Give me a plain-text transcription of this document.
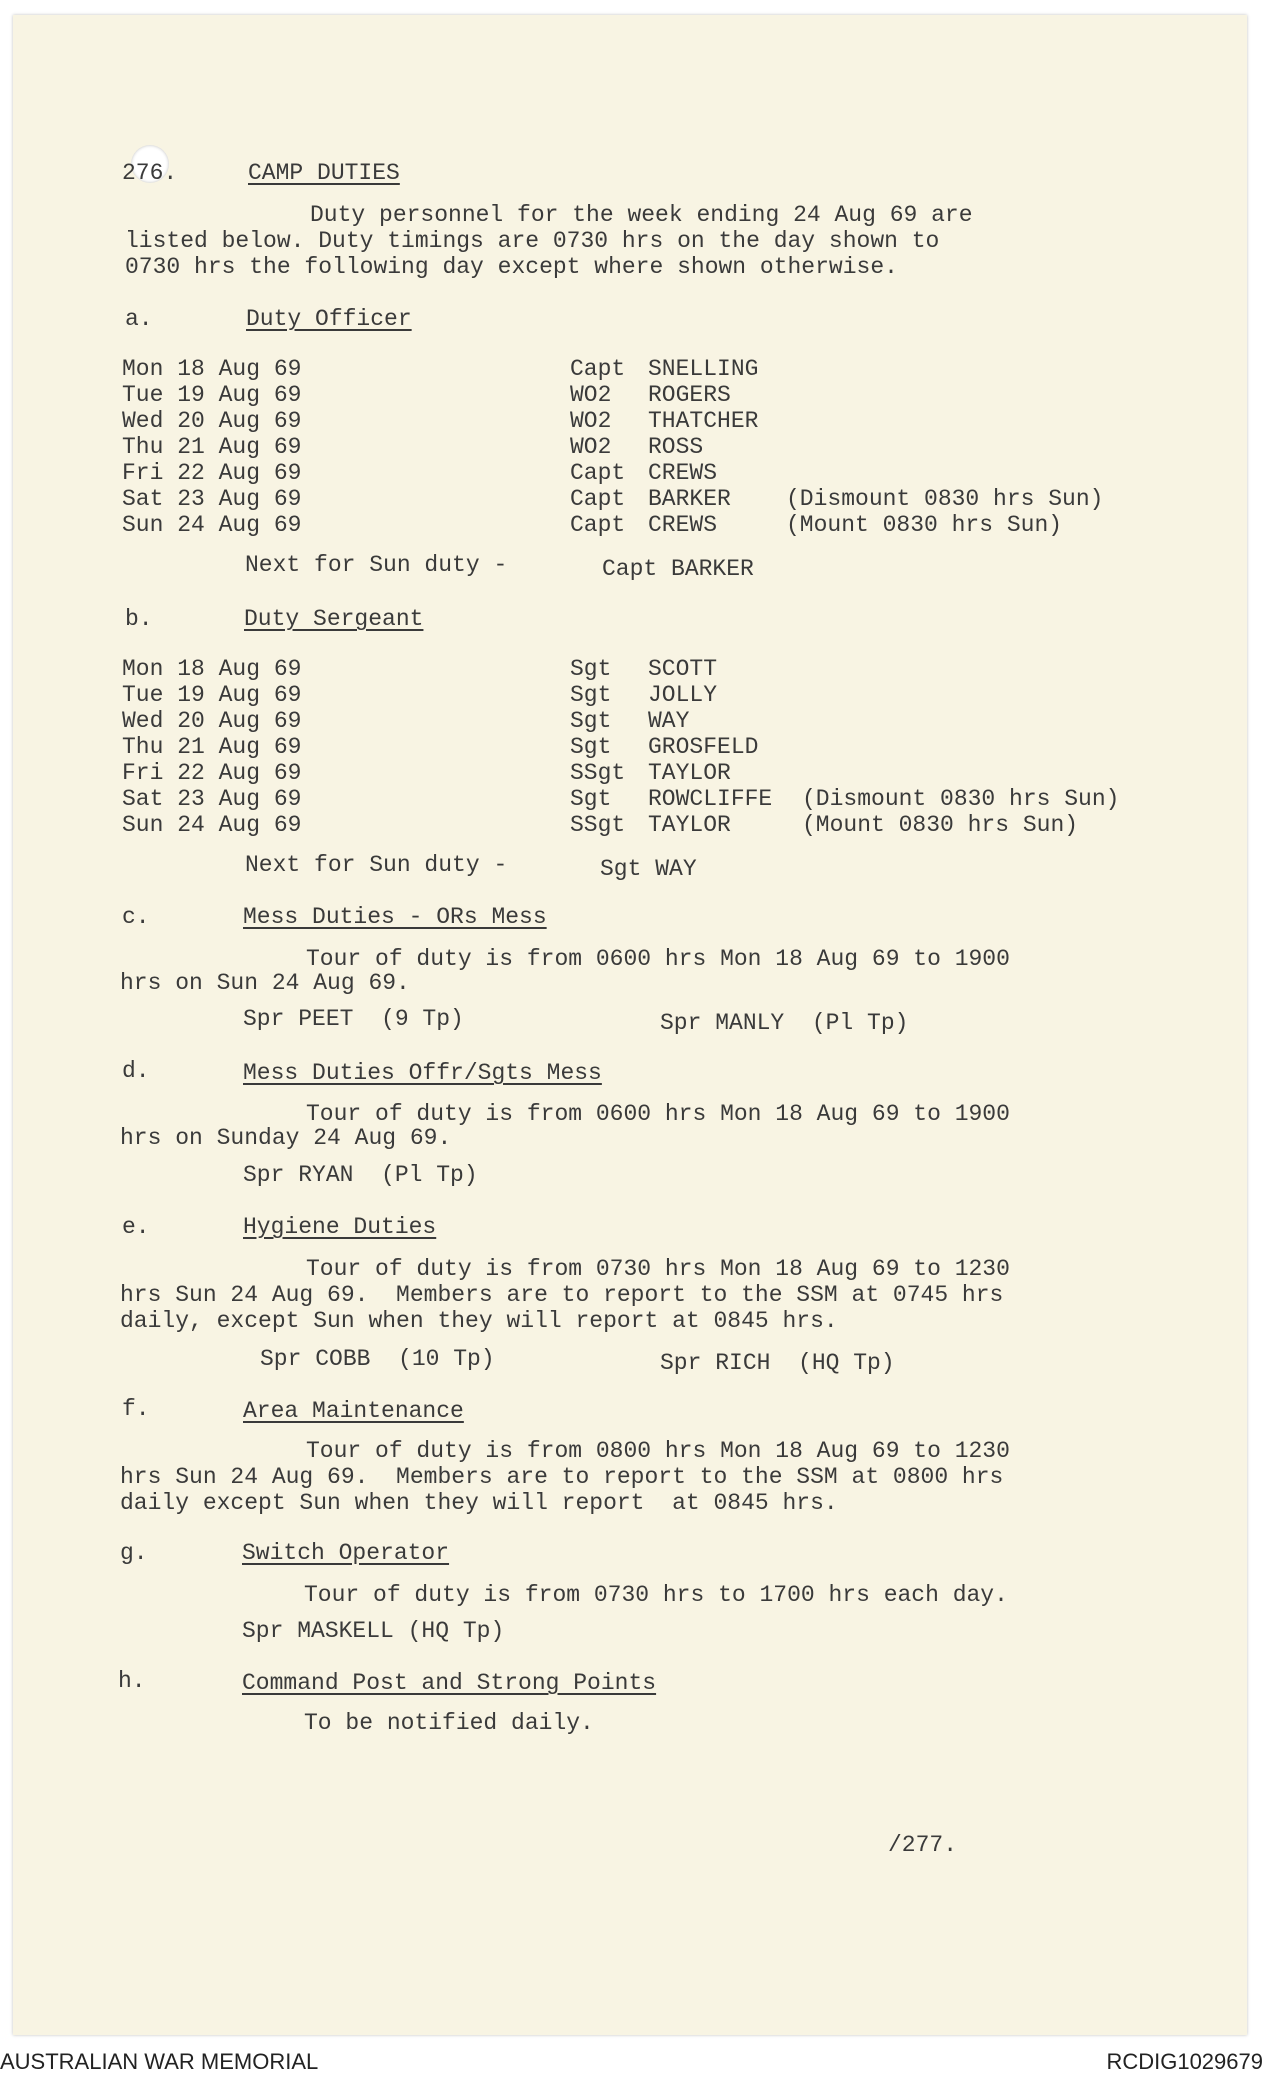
276.	CAMP DUTIES
Duty personnel for the week ending 24 Aug 69 are
listed below. Duty timings are 0730 hrs on the day shown to
0730 hrs the following day except where shown otherwise.
a.	Duty Officer
Mon 18 Aug 69	Capt SNELLING
Tue 19 Aug 69	WO2 ROGERS
Wed 20 Aug 69	WO2 THATCHER
Thu 21 Aug 69	WO2 ROSS
Fri 22 Aug 69	Capt CREWS
Sat 23 Aug 69	Capt BARKER (Dismount 0830 hrs Sun)
Sun 24 Aug 69	Capt CREWS	(Mount 0830 hrs Sun)
Next for Sun duty -	Capt BARKER
b.	Duty Sergeant
Mon 18 Aug 69	Sgt SCOTT
Tue 19 Aug 69	Sgt JOLLY
Wed 20 Aug 69	Sgt WAY
Thu 21 Aug 69	Sgt GROSFELD
Fri 22 Aug 69	SSgt TAYLOR
Sat 23 Aug 69	Sgt ROWCLIFFE (Dismount 0830 hrs Sun)
Sun 24 Aug 69	SSgt TAYLOR	(Mount 0830 hrs Sun)
Next for Sun duty -	Sgt WAY
c.	Mess Duties - ORs Mess
Tour of duty is from 0600 hrs Mon 18 Aug 69 to 1900
hrs on Sun 24 Aug 69.
Spr PEET  (9 Tp)	Spr MANLY  (Pl Tp)
d.	Mess Duties Offr/Sgts Mess
Tour of duty is from 0600 hrs Mon 18 Aug 69 to 1900
hrs on Sunday 24 Aug 69.
Spr RYAN  (Pl Tp)
e.	Hygiene Duties
Tour of duty is from 0730 hrs Mon 18 Aug 69 to 1230
hrs Sun 24 Aug 69.  Members are to report to the SSM at 0745 hrs
daily, except Sun when they will report at 0845 hrs.
Spr COBB  (10 Tp)	Spr RICH  (HQ Tp)
f.	Area Maintenance
Tour of duty is from 0800 hrs Mon 18 Aug 69 to 1230
hrs Sun 24 Aug 69.  Members are to report to the SSM at 0800 hrs
daily except Sun when they will report  at 0845 hrs.
g.	Switch Operator
Tour of duty is from 0730 hrs to 1700 hrs each day.
Spr MASKELL (HQ Tp)
h.	Command Post and Strong Points
To be notified daily.
/277.
AUSTRALIAN WAR MEMORIAL	RCDIG1029679
